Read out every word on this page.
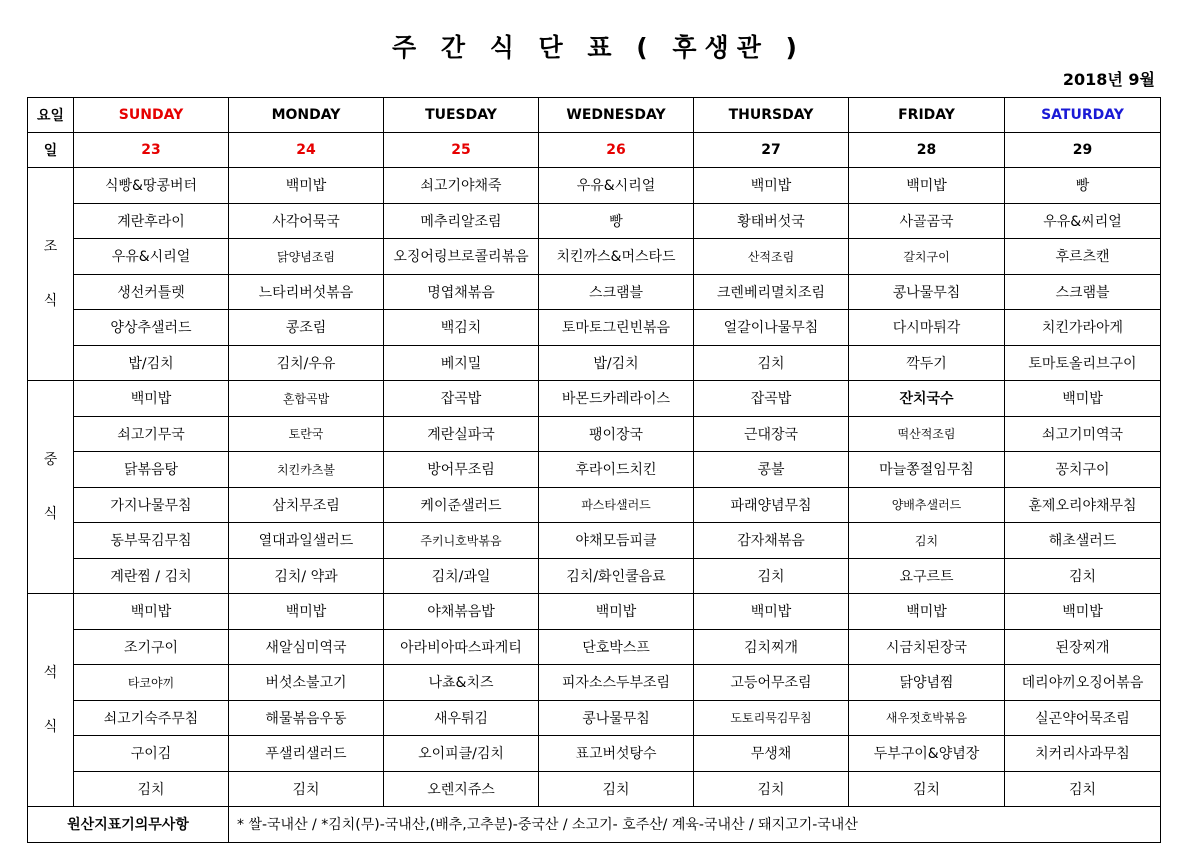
주 간 식 단 표 ( 후생관 )
2018년 9월
요일	SUNDAY	MONDAY	TUESDAY	WEDNESDAY	THURSDAY	FRIDAY	SATURDAY
일	23	24	25	26	27	28	29

조
식	식빵&땅콩버터	백미밥	쇠고기야채죽	우유&시리얼	백미밥	백미밥	빵
	계란후라이	사각어묵국	메추리알조림	빵	황태버섯국	사골곰국	우유&씨리얼
	우유&시리얼	닭양념조림	오징어링브로콜리볶음	치킨까스&머스타드	산적조림	갈치구이	후르츠캔
	생선커틀렛	느타리버섯볶음	명엽채볶음	스크램블	크렌베리멸치조림	콩나물무침	스크램블
	양상추샐러드	콩조림	백김치	토마토그린빈볶음	얼갈이나물무침	다시마튀각	치킨가라아게
	밥/김치	김치/우유	베지밀	밥/김치	김치	깍두기	토마토올리브구이

중
식	백미밥	혼합곡밥	잡곡밥	바몬드카레라이스	잡곡밥	잔치국수	백미밥
	쇠고기무국	토란국	계란실파국	팽이장국	근대장국	떡산적조림	쇠고기미역국
	닭볶음탕	치킨카츠볼	방어무조림	후라이드치킨	콩불	마늘쫑절임무침	꽁치구이
	가지나물무침	삼치무조림	케이준샐러드	파스타샐러드	파래양념무침	양배추샐러드	훈제오리야채무침
	동부묵김무침	열대과일샐러드	주키니호박볶음	야채모듬피클	감자채볶음	김치	해초샐러드
	계란찜 / 김치	김치/ 약과	김치/과일	김치/화인쿨음료	김치	요구르트	김치

석
식	백미밥	백미밥	야채볶음밥	백미밥	백미밥	백미밥	백미밥
	조기구이	새알심미역국	아라비아따스파게티	단호박스프	김치찌개	시금치된장국	된장찌개
	타코야끼	버섯소불고기	나쵸&치즈	피자소스두부조림	고등어무조림	닭양념찜	데리야끼오징어볶음
	쇠고기숙주무침	해물볶음우동	새우튀김	콩나물무침	도토리묵김무침	새우젓호박볶음	실곤약어묵조림
	구이김	푸샐리샐러드	오이피클/김치	표고버섯탕수	무생채	두부구이&양념장	치커리사과무침
	김치	김치	오렌지쥬스	김치	김치	김치	김치
원산지표기의무사항		* 쌀-국내산 / *김치(무)-국내산,(배추,고추분)-중국산 / 소고기- 호주산/ 계육-국내산 / 돼지고기-국내산					
